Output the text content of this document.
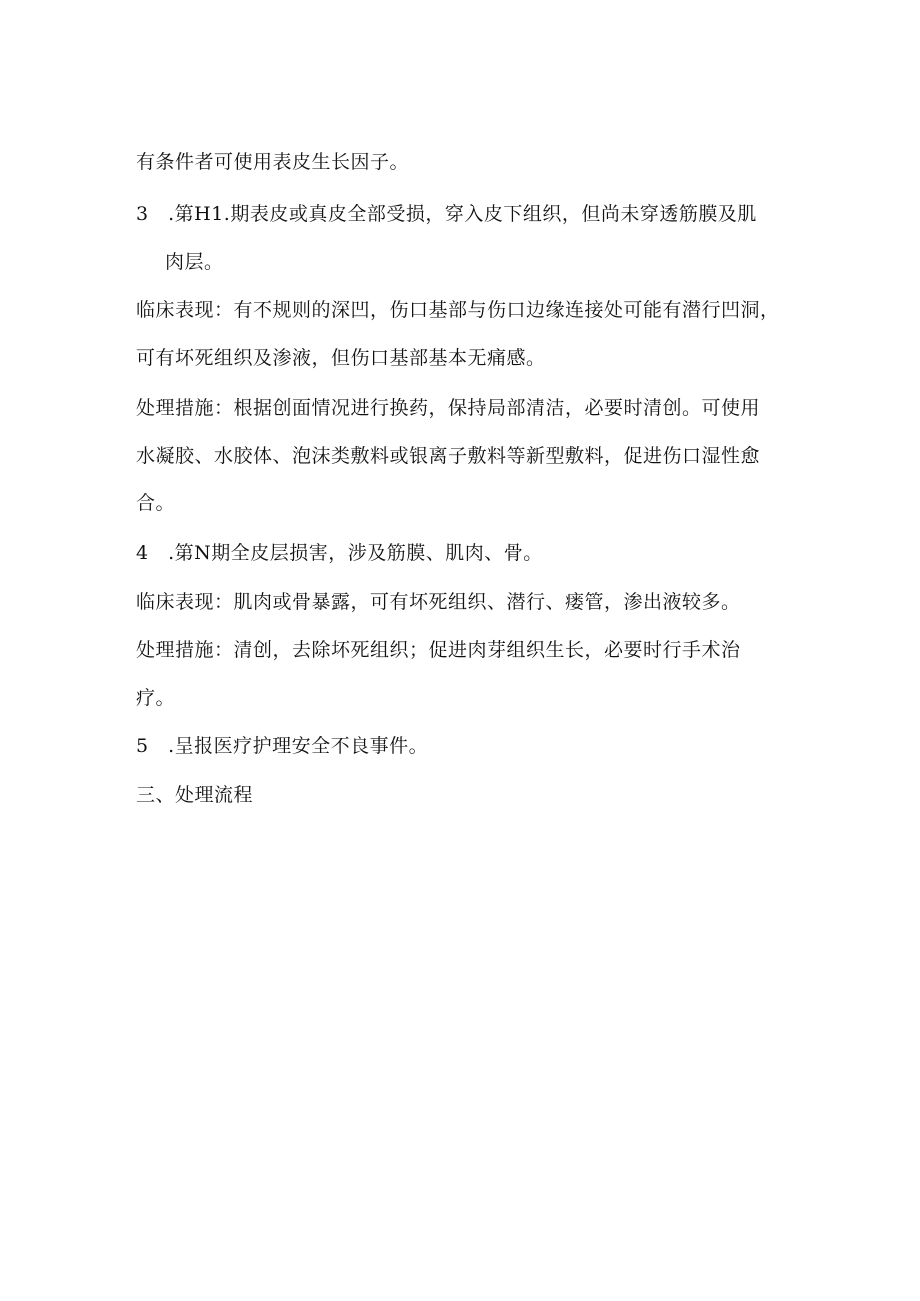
有条件者可使用表皮生长因子。
3　.第H1.期表皮或真皮全部受损，穿入皮下组织，但尚未穿透筋膜及肌
肉层。
临床表现：有不规则的深凹，伤口基部与伤口边缘连接处可能有潜行凹洞，
可有坏死组织及渗液，但伤口基部基本无痛感。
处理措施：根据创面情况进行换药，保持局部清洁，必要时清创。可使用
水凝胶、水胶体、泡沫类敷料或银离子敷料等新型敷料，促进伤口湿性愈
合。
4　.第N期全皮层损害，涉及筋膜、肌肉、骨。
临床表现：肌肉或骨暴露，可有坏死组织、潜行、瘘管，渗出液较多。
处理措施：清创，去除坏死组织；促进肉芽组织生长，必要时行手术治
疗。
5　.呈报医疗护理安全不良事件。
三、处理流程
